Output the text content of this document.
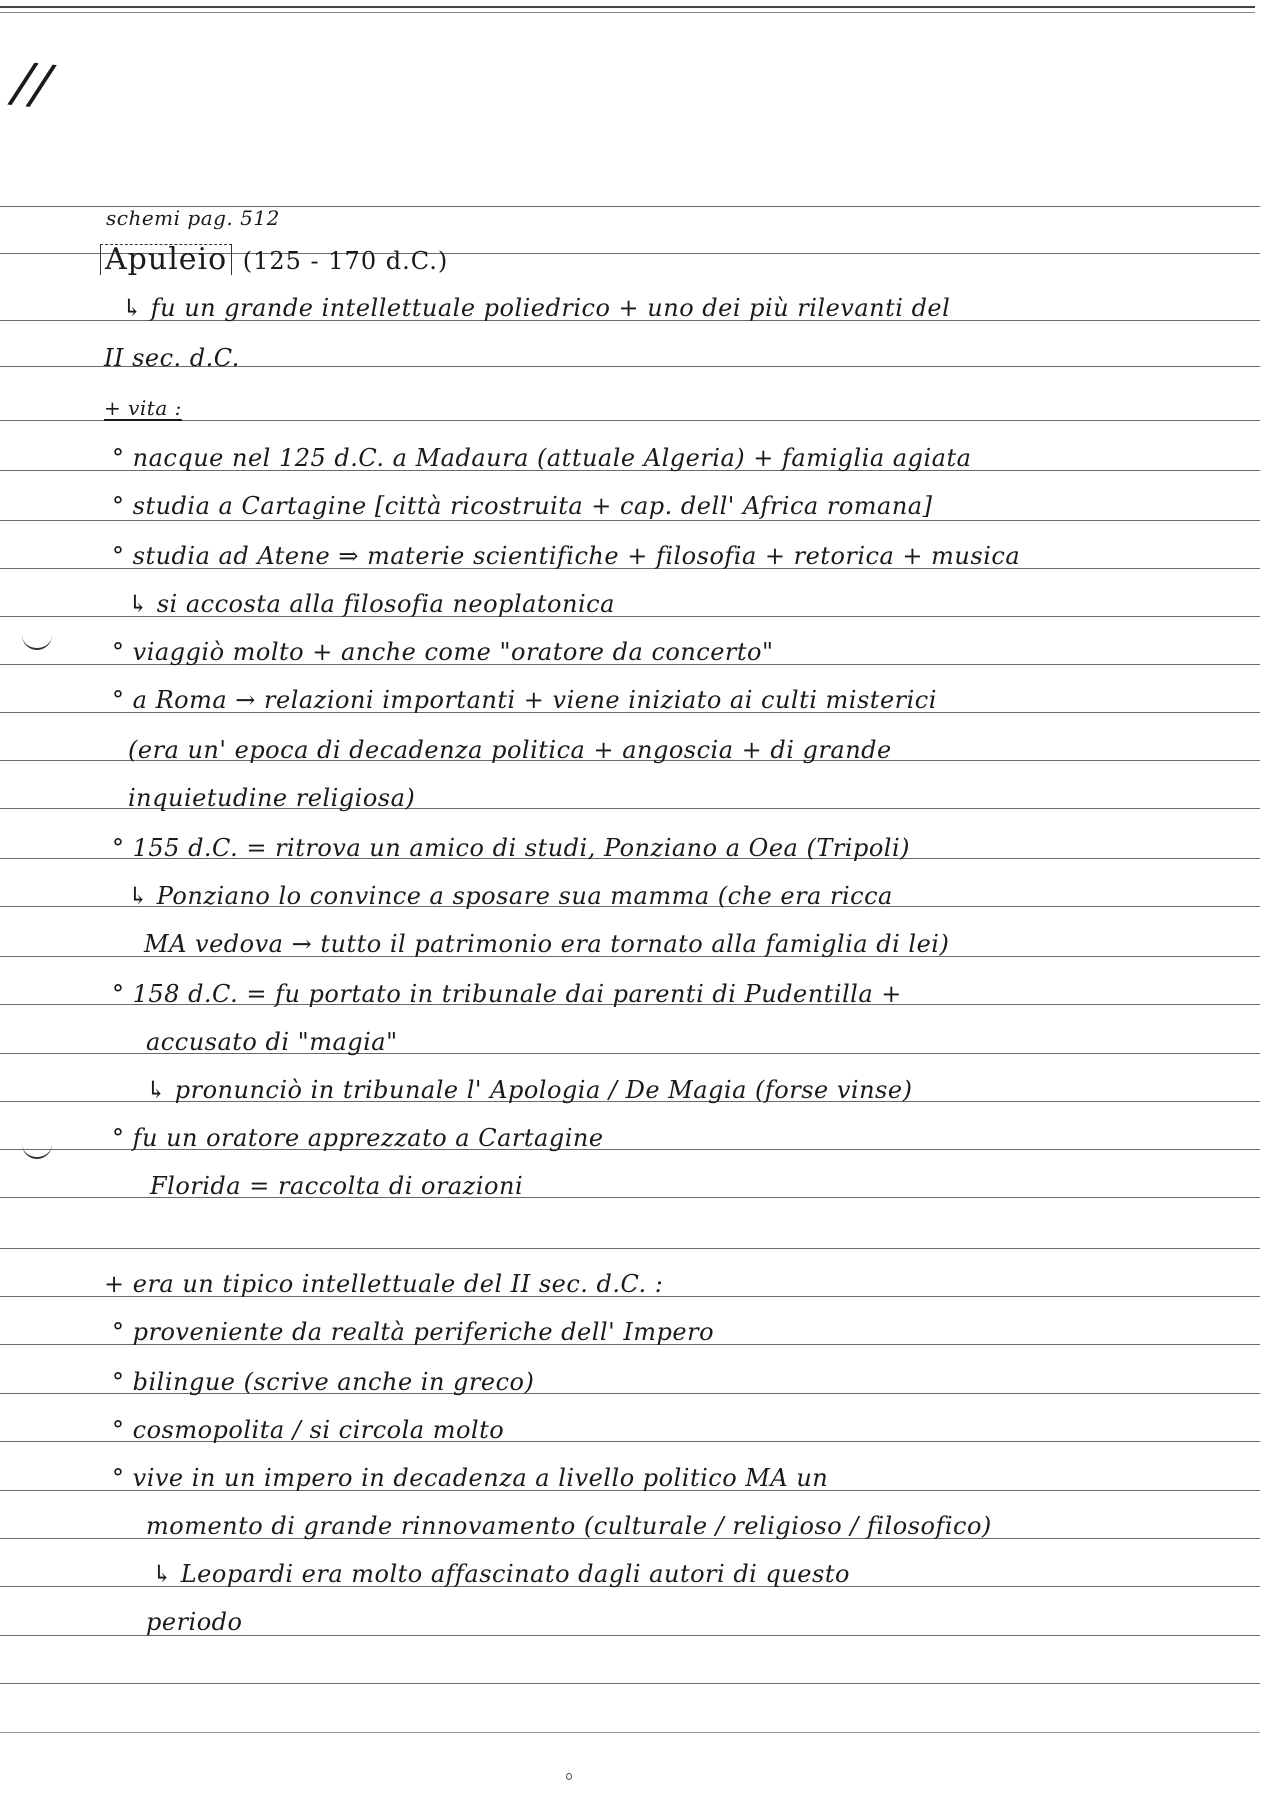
//
schemi pag. 512
Apuleio (125 - 170 d.C.)
↳ fu un grande intellettuale poliedrico + uno dei più rilevanti del
II sec. d.C.
+ vita :
° nacque nel 125 d.C. a Madaura (attuale Algeria) + famiglia agiata
° studia a Cartagine [città ricostruita + cap. dell' Africa romana]
° studia ad Atene ⇒ materie scientifiche + filosofia + retorica + musica
↳ si accosta alla filosofia neoplatonica
° viaggiò molto + anche come "oratore da concerto"
° a Roma → relazioni importanti + viene iniziato ai culti misterici
(era un' epoca di decadenza politica + angoscia + di grande
inquietudine religiosa)
° 155 d.C. = ritrova un amico di studi, Ponziano a Oea (Tripoli)
↳ Ponziano lo convince a sposare sua mamma (che era ricca
MA vedova → tutto il patrimonio era tornato alla famiglia di lei)
° 158 d.C. = fu portato in tribunale dai parenti di Pudentilla +
accusato di "magia"
↳ pronunciò in tribunale l' Apologia / De Magia (forse vinse)
° fu un oratore apprezzato a Cartagine
Florida = raccolta di orazioni
+ era un tipico intellettuale del II sec. d.C. :
° proveniente da realtà periferiche dell' Impero
° bilingue (scrive anche in greco)
° cosmopolita / si circola molto
° vive in un impero in decadenza a livello politico MA un
momento di grande rinnovamento (culturale / religioso / filosofico)
↳ Leopardi era molto affascinato dagli autori di questo
periodo
